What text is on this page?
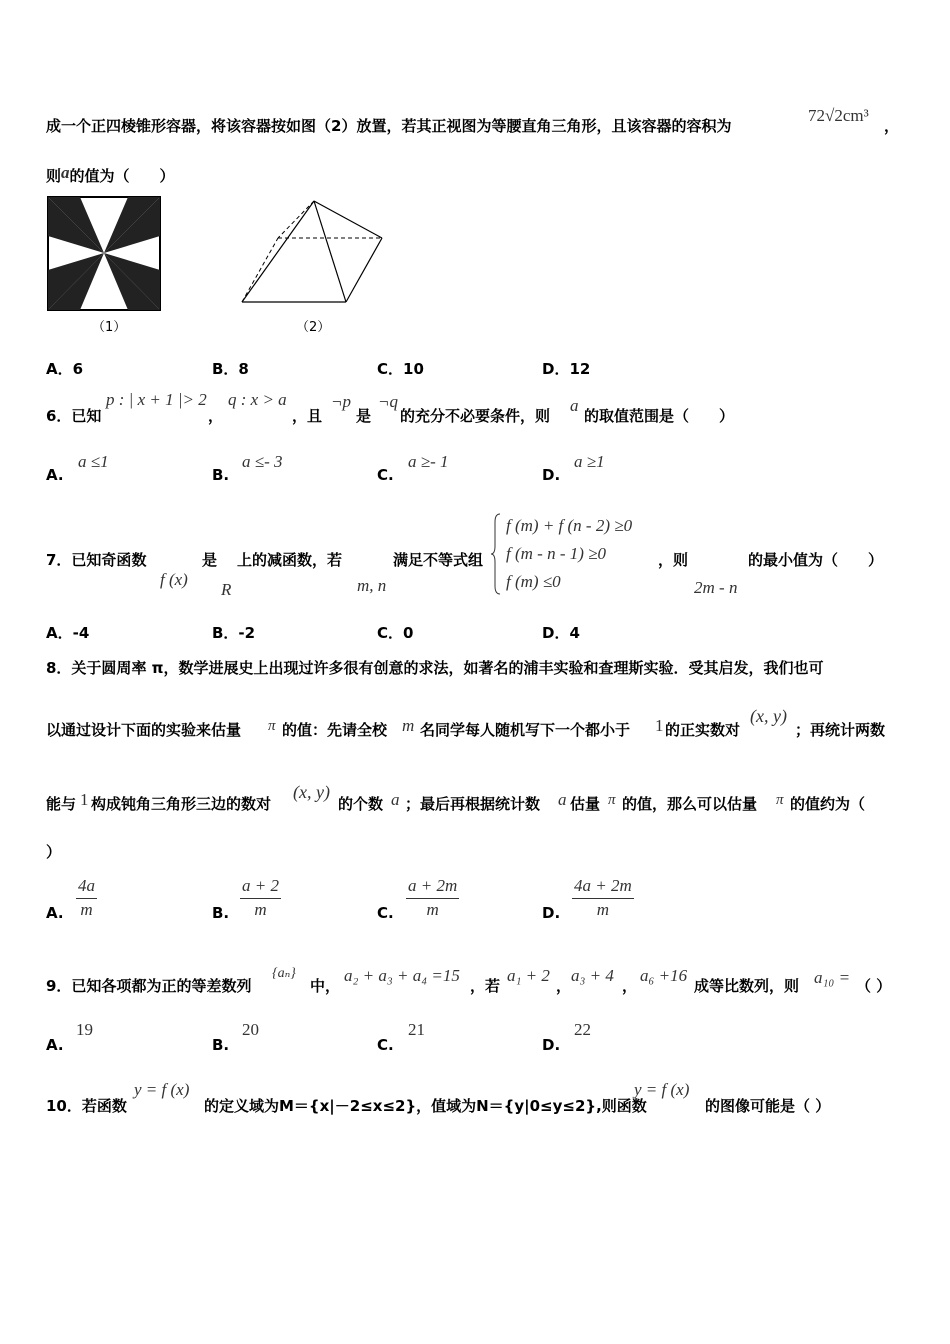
成一个正四棱锥形容器，将该容器按如图（2）放置，若其正视图为等腰直角三角形，且该容器的容积为
72√2cm³
，
则a的值为（　　）
（1）	（2）
A．6	B．8	C．10	D．12
6．已知
p : | x + 1 |> 2
，
q : x > a
，且
¬p
是
¬q
的充分不必要条件，则
a
的取值范围是（　　）
A.
a ≤1
B.
a ≤- 3
C.
a ≥- 1
D.
a ≥1
7．已知奇函数
f (x)
是
R
上的减函数，若
m, n
满足不等式组
f (m) + f (n - 2) ≥0
f (m - n - 1) ≥0
f (m) ≤0
，则
2m - n
的最小值为（　　）
A．-4	B．-2	C．0	D．4
8．关于圆周率 π，数学进展史上出现过许多很有创意的求法，如著名的浦丰实验和查理斯实验．受其启发，我们也可
以通过设计下面的实验来估量 π 的值：先请全校 m 名同学每人随机写下一个都小于 1 的正实数对
(x, y)
；再统计两数
能与 1 构成钝角三角形三边的数对
(x, y)
的个数 a ；最后再根据统计数 a 估量 π 的值，那么可以估量 π 的值约为（
）
A. $\frac{4a}{m}$	B. $\frac{a + 2}{m}$	C. $\frac{a + 2m}{m}$	D. $\frac{4a + 2m}{m}$
9．已知各项都为正的等差数列
{aₙ}
中，
a₂ + a₃ + a₄ =15
，若
a₁ + 2
，
a₃ + 4
，
a₆ +16
成等比数列，则 a₁₀ = （ ）
A.
19
B.
20
C.
21
D.
22
10．若函数
y = f (x)
的定义域为M＝{x|－2≤x≤2}，值域为N＝{y|0≤y≤2},则函数
y = f (x)
的图像可能是（ ）
